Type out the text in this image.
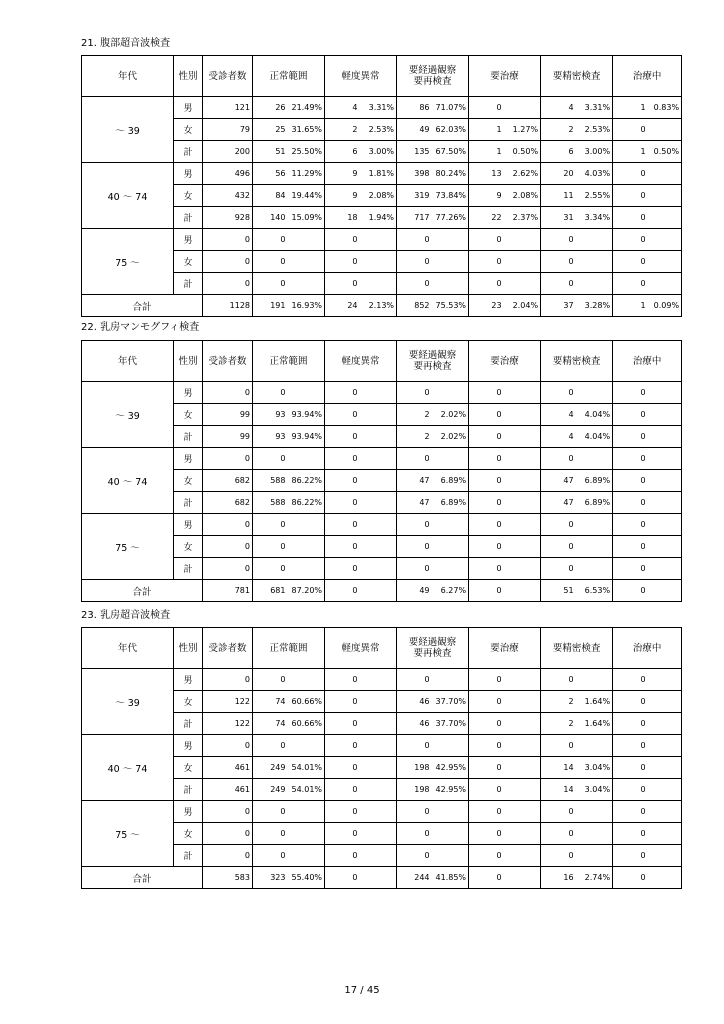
21. 腹部超音波検査
年代	性別	受診者数	正常範囲		軽度異常		要経過観察
要再検査		要治療		要精密検査		治療中	
～ 39	男	121	26	21.49%	4	3.31%	86	71.07%	0		4	3.31%	1	0.83%
	女	79	25	31.65%	2	2.53%	49	62.03%	1	1.27%	2	2.53%	0	
	計	200	51	25.50%	6	3.00%	135	67.50%	1	0.50%	6	3.00%	1	0.50%
40 ～ 74	男	496	56	11.29%	9	1.81%	398	80.24%	13	2.62%	20	4.03%	0	
	女	432	84	19.44%	9	2.08%	319	73.84%	9	2.08%	11	2.55%	0	
	計	928	140	15.09%	18	1.94%	717	77.26%	22	2.37%	31	3.34%	0	
75 ～	男	0	0		0		0		0		0		0	
	女	0	0		0		0		0		0		0	
	計	0	0		0		0		0		0		0	
合計		1128	191	16.93%	24	2.13%	852	75.53%	23	2.04%	37	3.28%	1	0.09%
22. 乳房マンモグフィ検査
年代	性別	受診者数	正常範囲		軽度異常		要経過観察
要再検査		要治療		要精密検査		治療中	
～ 39	男	0	0		0		0		0		0		0	
	女	99	93	93.94%	0		2	2.02%	0		4	4.04%	0	
	計	99	93	93.94%	0		2	2.02%	0		4	4.04%	0	
40 ～ 74	男	0	0		0		0		0		0		0	
	女	682	588	86.22%	0		47	6.89%	0		47	6.89%	0	
	計	682	588	86.22%	0		47	6.89%	0		47	6.89%	0	
75 ～	男	0	0		0		0		0		0		0	
	女	0	0		0		0		0		0		0	
	計	0	0		0		0		0		0		0	
合計		781	681	87.20%	0		49	6.27%	0		51	6.53%	0	
23. 乳房超音波検査
年代	性別	受診者数	正常範囲		軽度異常		要経過観察
要再検査		要治療		要精密検査		治療中	
～ 39	男	0	0		0		0		0		0		0	
	女	122	74	60.66%	0		46	37.70%	0		2	1.64%	0	
	計	122	74	60.66%	0		46	37.70%	0		2	1.64%	0	
40 ～ 74	男	0	0		0		0		0		0		0	
	女	461	249	54.01%	0		198	42.95%	0		14	3.04%	0	
	計	461	249	54.01%	0		198	42.95%	0		14	3.04%	0	
75 ～	男	0	0		0		0		0		0		0	
	女	0	0		0		0		0		0		0	
	計	0	0		0		0		0		0		0	
合計		583	323	55.40%	0		244	41.85%	0		16	2.74%	0	
17 / 45
